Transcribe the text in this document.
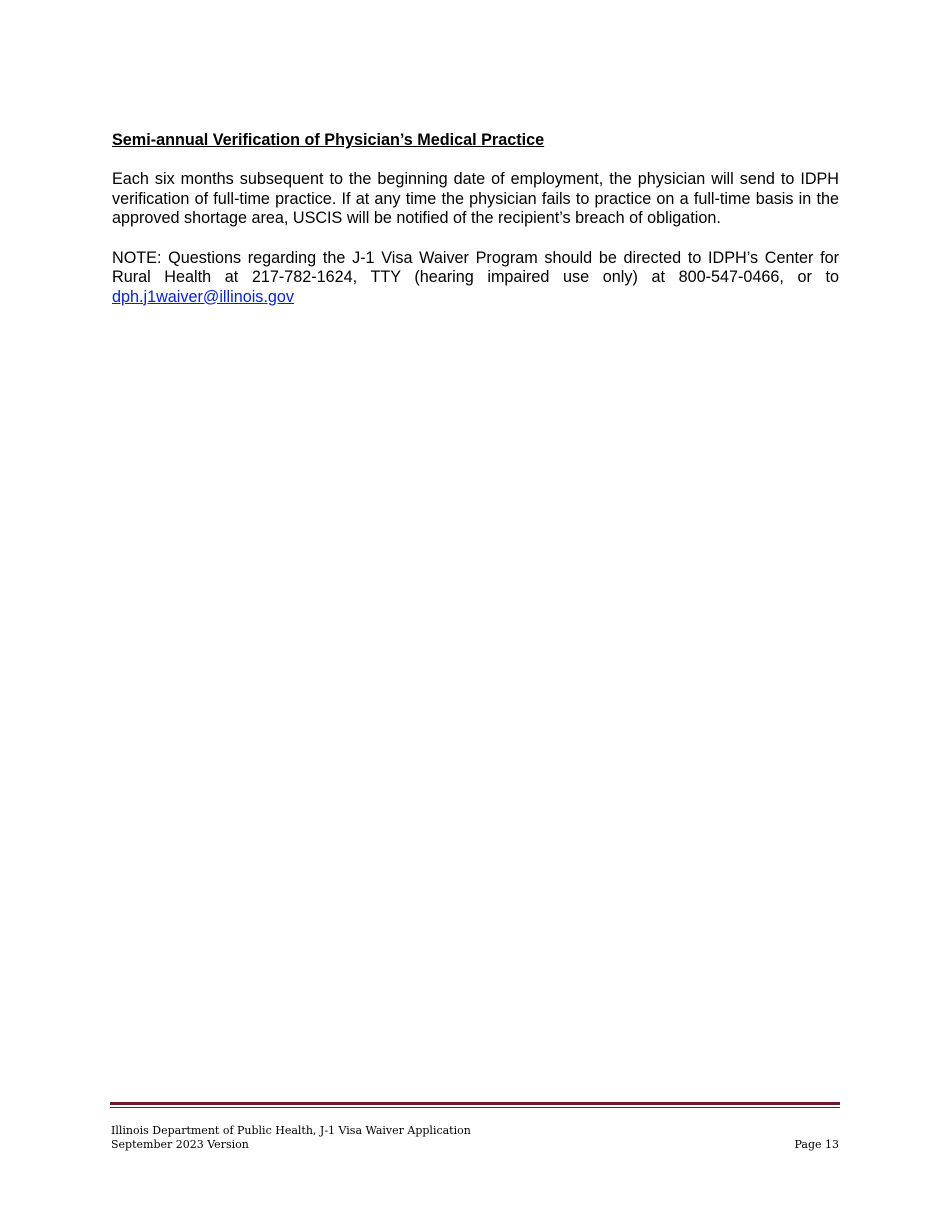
Semi-annual Verification of Physician’s Medical Practice
Each six months subsequent to the beginning date of employment, the physician will send to IDPH verification of full-time practice. If at any time the physician fails to practice on a full-time basis in the approved shortage area, USCIS will be notified of the recipient’s breach of obligation.
NOTE: Questions regarding the J-1 Visa Waiver Program should be directed to IDPH’s Center for Rural Health at 217-782-1624, TTY (hearing impaired use only) at 800-547-0466, or to dph.j1waiver@illinois.gov
Illinois Department of Public Health, J-1 Visa Waiver Application
September 2023 Version	Page 13
